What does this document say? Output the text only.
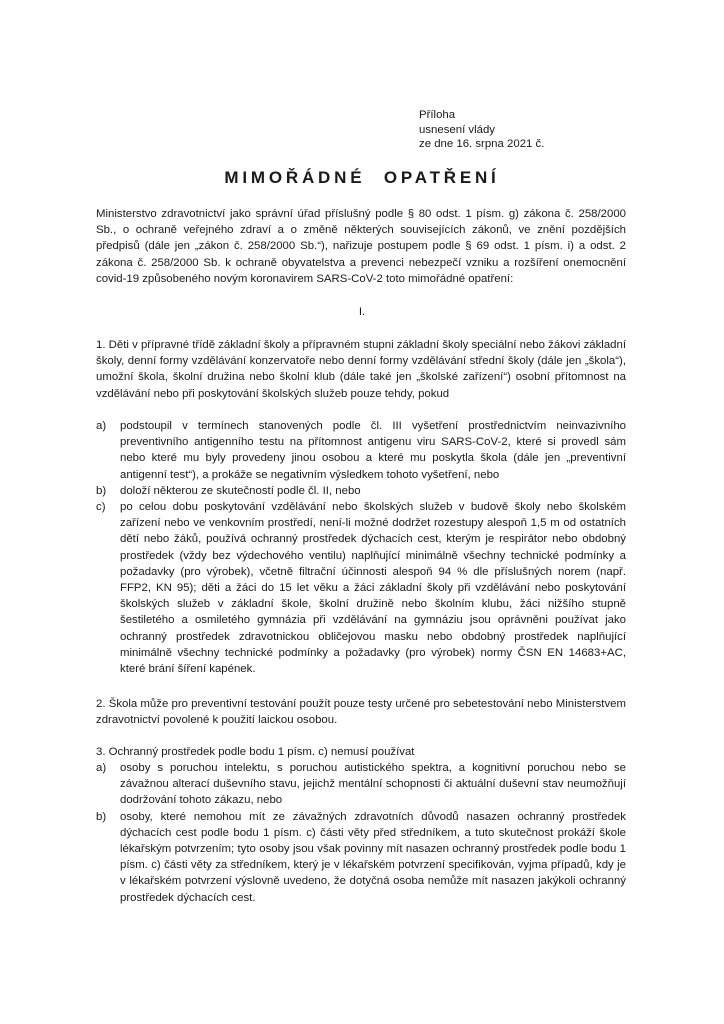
Příloha
usnesení vlády
ze dne 16. srpna 2021 č.
MIMOŘÁDNÉ OPATŘENÍ
Ministerstvo zdravotnictví jako správní úřad příslušný podle § 80 odst. 1 písm. g) zákona č. 258/2000 Sb., o ochraně veřejného zdraví a o změně některých souvisejících zákonů, ve znění pozdějších předpisů (dále jen „zákon č. 258/2000 Sb.“), nařizuje postupem podle § 69 odst. 1 písm. i) a odst. 2 zákona č. 258/2000 Sb. k ochraně obyvatelstva a prevenci nebezpečí vzniku a rozšíření onemocnění covid-19 způsobeného novým koronavirem SARS-CoV-2 toto mimořádné opatření:
I.
1. Děti v přípravné třídě základní školy a přípravném stupni základní školy speciální nebo žákovi základní školy, denní formy vzdělávání konzervatoře nebo denní formy vzdělávání střední školy (dále jen „škola“), umožní škola, školní družina nebo školní klub (dále také jen „školské zařízení“) osobní přítomnost na vzdělávání nebo při poskytování školských služeb pouze tehdy, pokud
a) podstoupil v termínech stanovených podle čl. III vyšetření prostřednictvím neinvazivního preventivního antigenního testu na přítomnost antigenu viru SARS-CoV-2, které si provedl sám nebo které mu byly provedeny jinou osobou a které mu poskytla škola (dále jen „preventivní antigenní test“), a prokáže se negativním výsledkem tohoto vyšetření, nebo
b) doloží některou ze skutečností podle čl. II, nebo
c) po celou dobu poskytování vzdělávání nebo školských služeb v budově školy nebo školském zařízení nebo ve venkovním prostředí, není-li možné dodržet rozestupy alespoň 1,5 m od ostatních dětí nebo žáků, používá ochranný prostředek dýchacích cest, kterým je respirátor nebo obdobný prostředek (vždy bez výdechového ventilu) naplňující minimálně všechny technické podmínky a požadavky (pro výrobek), včetně filtrační účinnosti alespoň 94 % dle příslušných norem (např. FFP2, KN 95); děti a žáci do 15 let věku a žáci základní školy při vzdělávání nebo poskytování školských služeb v základní škole, školní družině nebo školním klubu, žáci nižšího stupně šestiletého a osmiletého gymnázia při vzdělávání na gymnáziu jsou oprávněni používat jako ochranný prostředek zdravotnickou obličejovou masku nebo obdobný prostředek naplňující minimálně všechny technické podmínky a požadavky (pro výrobek) normy ČSN EN 14683+AC, které brání šíření kapének.
2. Škola může pro preventivní testování použít pouze testy určené pro sebetestování nebo Ministerstvem zdravotnictví povolené k použití laickou osobou.
3. Ochranný prostředek podle bodu 1 písm. c) nemusí používat
a) osoby s poruchou intelektu, s poruchou autistického spektra, a kognitivní poruchou nebo se závažnou alterací duševního stavu, jejichž mentální schopnosti či aktuální duševní stav neumožňují dodržování tohoto zákazu, nebo
b) osoby, které nemohou mít ze závažných zdravotních důvodů nasazen ochranný prostředek dýchacích cest podle bodu 1 písm. c) části věty před středníkem, a tuto skutečnost prokáží škole lékařským potvrzením; tyto osoby jsou však povinny mít nasazen ochranný prostředek podle bodu 1 písm. c) části věty za středníkem, který je v lékařském potvrzení specifikován, vyjma případů, kdy je v lékařském potvrzení výslovně uvedeno, že dotyčná osoba nemůže mít nasazen jakýkoli ochranný prostředek dýchacích cest.
